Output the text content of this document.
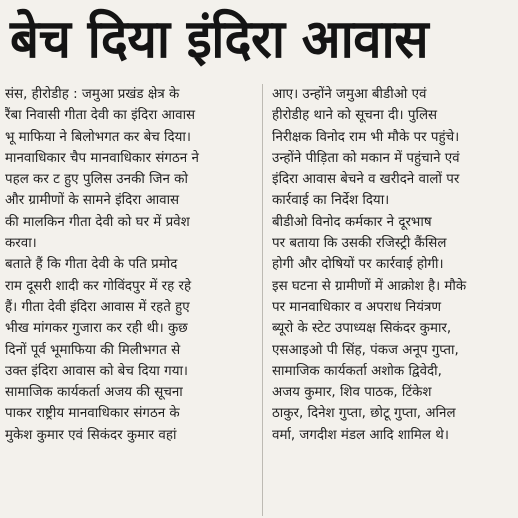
बेच दिया इंदिरा आवास
संस, हीरोडीह : जमुआ प्रखंड क्षेत्र के
रैंबा निवासी गीता देवी का इंदिरा आवास
भू माफिया ने बिलोभगत कर बेच दिया।
मानवाधिकार चैप मानवाधिकार संगठन ने
पहल कर ट हुए पुलिस उनकी जिन को
और ग्रामीणों के सामने इंदिरा आवास
की मालकिन गीता देवी को घर में प्रवेश
करवा।
बताते हैं कि गीता देवी के पति प्रमोद
राम दूसरी शादी कर गोविंदपुर में रह रहे
हैं। गीता देवी इंदिरा आवास में रहते हुए
भीख मांगकर गुजारा कर रही थी। कुछ
दिनों पूर्व भूमाफिया की मिलीभगत से
उक्त इंदिरा आवास को बेच दिया गया।
सामाजिक कार्यकर्ता अजय की सूचना
पाकर राष्ट्रीय मानवाधिकार संगठन के
मुकेश कुमार एवं सिकंदर कुमार वहां
आए। उन्होंने जमुआ बीडीओ एवं
हीरोडीह थाने को सूचना दी। पुलिस
निरीक्षक विनोद राम भी मौके पर पहुंचे।
उन्होंने पीड़िता को मकान में पहुंचाने एवं
इंदिरा आवास बेचने व खरीदने वालों पर
कार्रवाई का निर्देश दिया।
बीडीओ विनोद कर्मकार ने दूरभाष
पर बताया कि उसकी रजिस्ट्री कैंसिल
होगी और दोषियों पर कार्रवाई होगी।
इस घटना से ग्रामीणों में आक्रोश है। मौके
पर मानवाधिकार व अपराध नियंत्रण
ब्यूरो के स्टेट उपाध्यक्ष सिकंदर कुमार,
एसआइओ पी सिंह, पंकज अनूप गुप्ता,
सामाजिक कार्यकर्ता अशोक द्विवेदी,
अजय कुमार, शिव पाठक, टिंकेश
ठाकुर, दिनेश गुप्ता, छोटू गुप्ता, अनिल
वर्मा, जगदीश मंडल आदि शामिल थे।
